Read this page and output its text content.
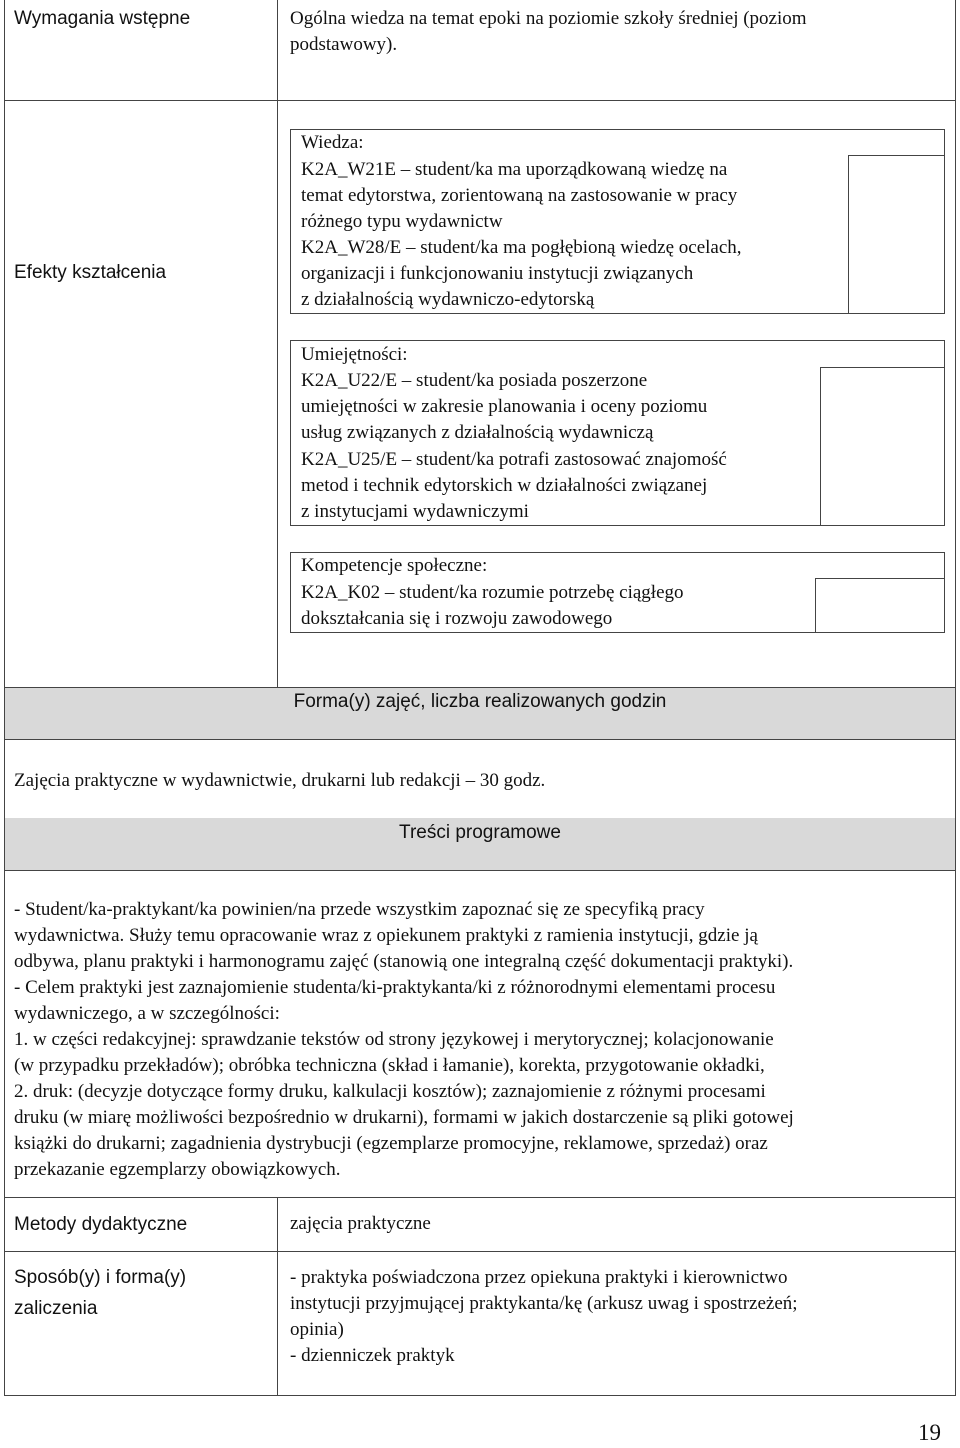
Wymagania wstępne	Ogólna wiedza na temat epoki na poziomie szkoły średniej (poziom
podstawowy).
Efekty kształcenia
Wiedza:
K2A_W21E – student/ka ma uporządkowaną wiedzę na
temat edytorstwa, zorientowaną na zastosowanie w pracy
różnego typu wydawnictw
K2A_W28/E – student/ka ma pogłębioną wiedzę ocelach,
organizacji i funkcjonowaniu instytucji związanych
z działalnością wydawniczo-edytorską
Umiejętności:
K2A_U22/E – student/ka posiada poszerzone
umiejętności w zakresie planowania i oceny poziomu
usług związanych z działalnością wydawniczą
K2A_U25/E – student/ka potrafi zastosować znajomość
metod i technik edytorskich w działalności związanej
z instytucjami wydawniczymi
Kompetencje społeczne:
K2A_K02 – student/ka rozumie potrzebę ciągłego
dokształcania się i rozwoju zawodowego
Forma(y) zajęć, liczba realizowanych godzin
Zajęcia praktyczne w wydawnictwie, drukarni lub redakcji – 30 godz.
Treści programowe
- Student/ka-praktykant/ka powinien/na przede wszystkim zapoznać się ze specyfiką pracy
wydawnictwa. Służy temu opracowanie wraz z opiekunem praktyki z ramienia instytucji, gdzie ją
odbywa, planu praktyki i harmonogramu zajęć (stanowią one integralną część dokumentacji praktyki).
- Celem praktyki jest zaznajomienie studenta/ki-praktykanta/ki z różnorodnymi elementami procesu
wydawniczego, a w szczególności:
1. w części redakcyjnej: sprawdzanie tekstów od strony językowej i merytorycznej; kolacjonowanie
(w przypadku przekładów); obróbka techniczna (skład i łamanie), korekta, przygotowanie okładki,
2. druk: (decyzje dotyczące formy druku, kalkulacji kosztów); zaznajomienie z różnymi procesami
druku (w miarę możliwości bezpośrednio w drukarni), formami w jakich dostarczenie są pliki gotowej
książki do drukarni; zagadnienia dystrybucji (egzemplarze promocyjne, reklamowe, sprzedaż) oraz
przekazanie egzemplarzy obowiązkowych.
Metody dydaktyczne	zajęcia praktyczne
Sposób(y) i forma(y)
zaliczenia
- praktyka poświadczona przez opiekuna praktyki i kierownictwo
instytucji przyjmującej praktykanta/kę (arkusz uwag i spostrzeżeń;
opinia)
- dzienniczek praktyk
19
